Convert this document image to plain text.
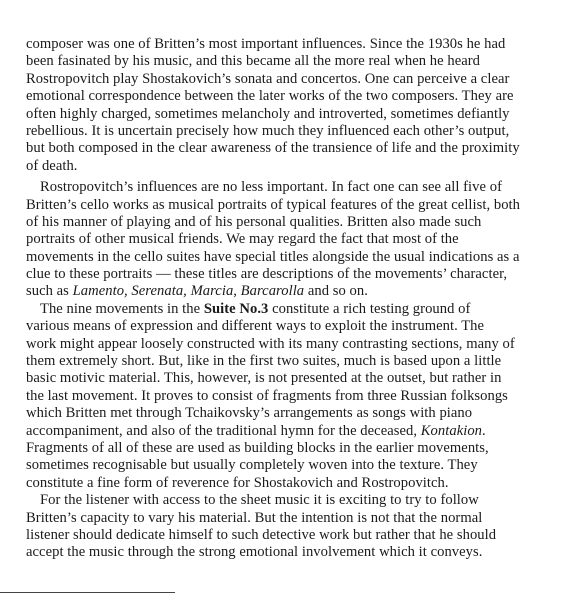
composer was one of Britten’s most important influences. Since the 1930s he had
been fasinated by his music, and this became all the more real when he heard
Rostropovitch play Shostakovich’s sonata and concertos. One can perceive a clear
emotional correspondence between the later works of the two composers. They are
often highly charged, sometimes melancholy and introverted, sometimes defiantly
rebellious. It is uncertain precisely how much they influenced each other’s output,
but both composed in the clear awareness of the transience of life and the proximity
of death.
Rostropovitch’s influences are no less important. In fact one can see all five of
Britten’s cello works as musical portraits of typical features of the great cellist, both
of his manner of playing and of his personal qualities. Britten also made such
portraits of other musical friends. We may regard the fact that most of the
movements in the cello suites have special titles alongside the usual indications as a
clue to these portraits — these titles are descriptions of the movements’ character,
such as Lamento, Serenata, Marcia, Barcarolla and so on.
The nine movements in the Suite No.3 constitute a rich testing ground of
various means of expression and different ways to exploit the instrument. The
work might appear loosely constructed with its many contrasting sections, many of
them extremely short. But, like in the first two suites, much is based upon a little
basic motivic material. This, however, is not presented at the outset, but rather in
the last movement. It proves to consist of fragments from three Russian folksongs
which Britten met through Tchaikovsky’s arrangements as songs with piano
accompaniment, and also of the traditional hymn for the deceased, Kontakion.
Fragments of all of these are used as building blocks in the earlier movements,
sometimes recognisable but usually completely woven into the texture. They
constitute a fine form of reverence for Shostakovich and Rostropovitch.
For the listener with access to the sheet music it is exciting to try to follow
Britten’s capacity to vary his material. But the intention is not that the normal
listener should dedicate himself to such detective work but rather that he should
accept the music through the strong emotional involvement which it conveys.
